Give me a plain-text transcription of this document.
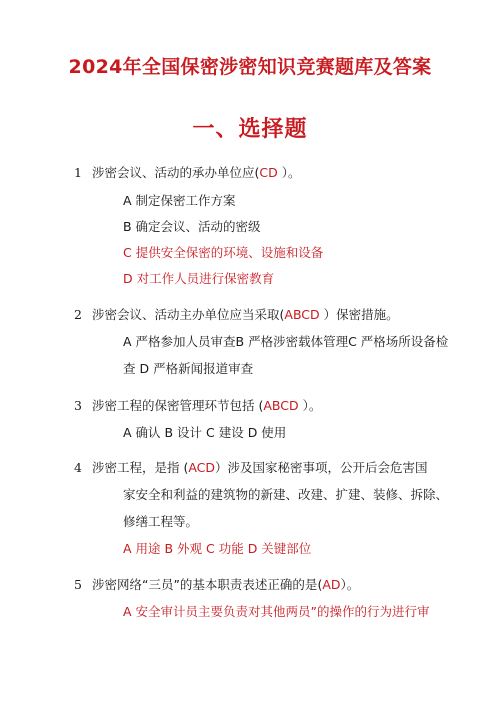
2024年全国保密涉密知识竞赛题库及答案
一、选择题
1 涉密会议、活动的承办单位应(CD ）。
A 制定保密工作方案
B 确定会议、活动的密级
C 提供安全保密的环境、设施和设备
D 对工作人员进行保密教育
2 涉密会议、活动主办单位应当采取(ABCD ）保密措施。
A 严格参加人员审查B 严格涉密载体管理C 严格场所设备检
查 D 严格新闻报道审查
3 涉密工程的保密管理环节包括 (ABCD ）。
A 确认 B 设计 C 建设 D 使用
4 涉密工程，是指 (ACD）涉及国家秘密事项，公开后会危害国
家安全和利益的建筑物的新建、改建、扩建、装修、拆除、
修缮工程等。
A 用途 B 外观 C 功能 D 关键部位
5 涉密网络“三员”的基本职责表述正确的是(AD）。
A 安全审计员主要负责对其他两员”的操作的行为进行审
